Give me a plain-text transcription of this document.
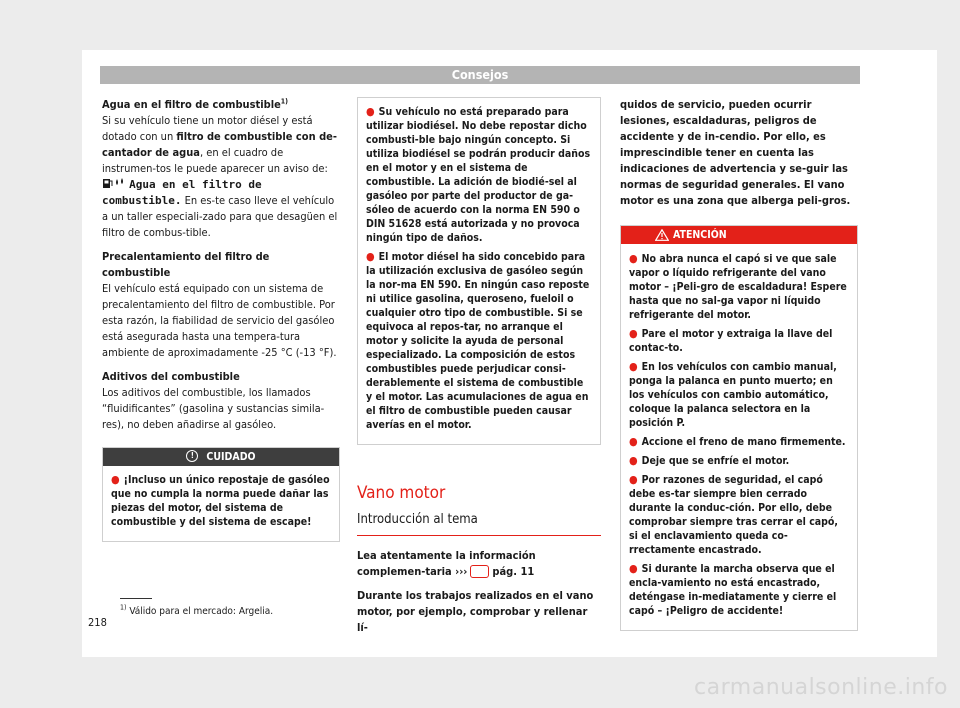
Consejos

Agua en el filtro de combustible$^{1)}$

Si su vehículo tiene un motor diésel y está dotado con un filtro de combustible con de-cantador de agua, en el cuadro de instrumen-tos le puede aparecer un aviso de:  Agua en el filtro de combustible. En es-te caso lleve el vehículo a un taller especiali-zado para que desagüen el filtro de combus-tible.

Precalentamiento del filtro de combustible

El vehículo está equipado con un sistema de precalentamiento del filtro de combustible. Por esta razón, la fiabilidad de servicio del gasóleo está asegurada hasta una tempera-tura ambiente de aproximadamente -25 °C (-13 °F).

Aditivos del combustible

Los aditivos del combustible, los llamados “fluidificantes” (gasolina y sustancias simila-res), no deben añadirse al gasóleo.

! CUIDADO
● ¡Incluso un único repostaje de gasóleo que no cumpla la norma puede dañar las piezas del motor, del sistema de combustible y del sistema de escape!
● Su vehículo no está preparado para utilizar biodiésel. No debe repostar dicho combusti-ble bajo ningún concepto. Si utiliza biodiésel se podrán producir daños en el motor y en el sistema de combustible. La adición de biodié-sel al gasóleo por parte del productor de ga-sóleo de acuerdo con la norma EN 590 o DIN 51628 está autorizada y no provoca ningún tipo de daños.
● El motor diésel ha sido concebido para la utilización exclusiva de gasóleo según la nor-ma EN 590. En ningún caso reposte ni utilice gasolina, queroseno, fueloil o cualquier otro tipo de combustible. Si se equivoca al repos-tar, no arranque el motor y solicite la ayuda de personal especializado. La composición de estos combustibles puede perjudicar consi-derablemente el sistema de combustible y el motor. Las acumulaciones de agua en el filtro de combustible pueden causar averías en el motor.

Vano motor

Introducción al tema

Lea atentamente la información complemen-taria ››› pág. 11

Durante los trabajos realizados en el vano motor, por ejemplo, comprobar y rellenar lí-

quidos de servicio, pueden ocurrir lesiones, escaldaduras, peligros de accidente y de in-cendio. Por ello, es imprescindible tener en cuenta las indicaciones de advertencia y se-guir las normas de seguridad generales. El vano motor es una zona que alberga peli-gros.

ATENCIÓN
● No abra nunca el capó si ve que sale vapor o líquido refrigerante del vano motor – ¡Peli-gro de escaldadura! Espere hasta que no sal-ga vapor ni líquido refrigerante del motor.
● Pare el motor y extraiga la llave del contac-to.
● En los vehículos con cambio manual, ponga la palanca en punto muerto; en los vehículos con cambio automático, coloque la palanca selectora en la posición P.
● Accione el freno de mano firmemente.
● Deje que se enfríe el motor.
● Por razones de seguridad, el capó debe es-tar siempre bien cerrado durante la conduc-ción. Por ello, debe comprobar siempre tras cerrar el capó, si el enclavamiento queda co-rrectamente encastrado.
● Si durante la marcha observa que el encla-vamiento no está encastrado, deténgase in-mediatamente y cierre el capó – ¡Peligro de accidente!
$^{1)}$ Válido para el mercado: Argelia.
218
carmanualsonline.info
